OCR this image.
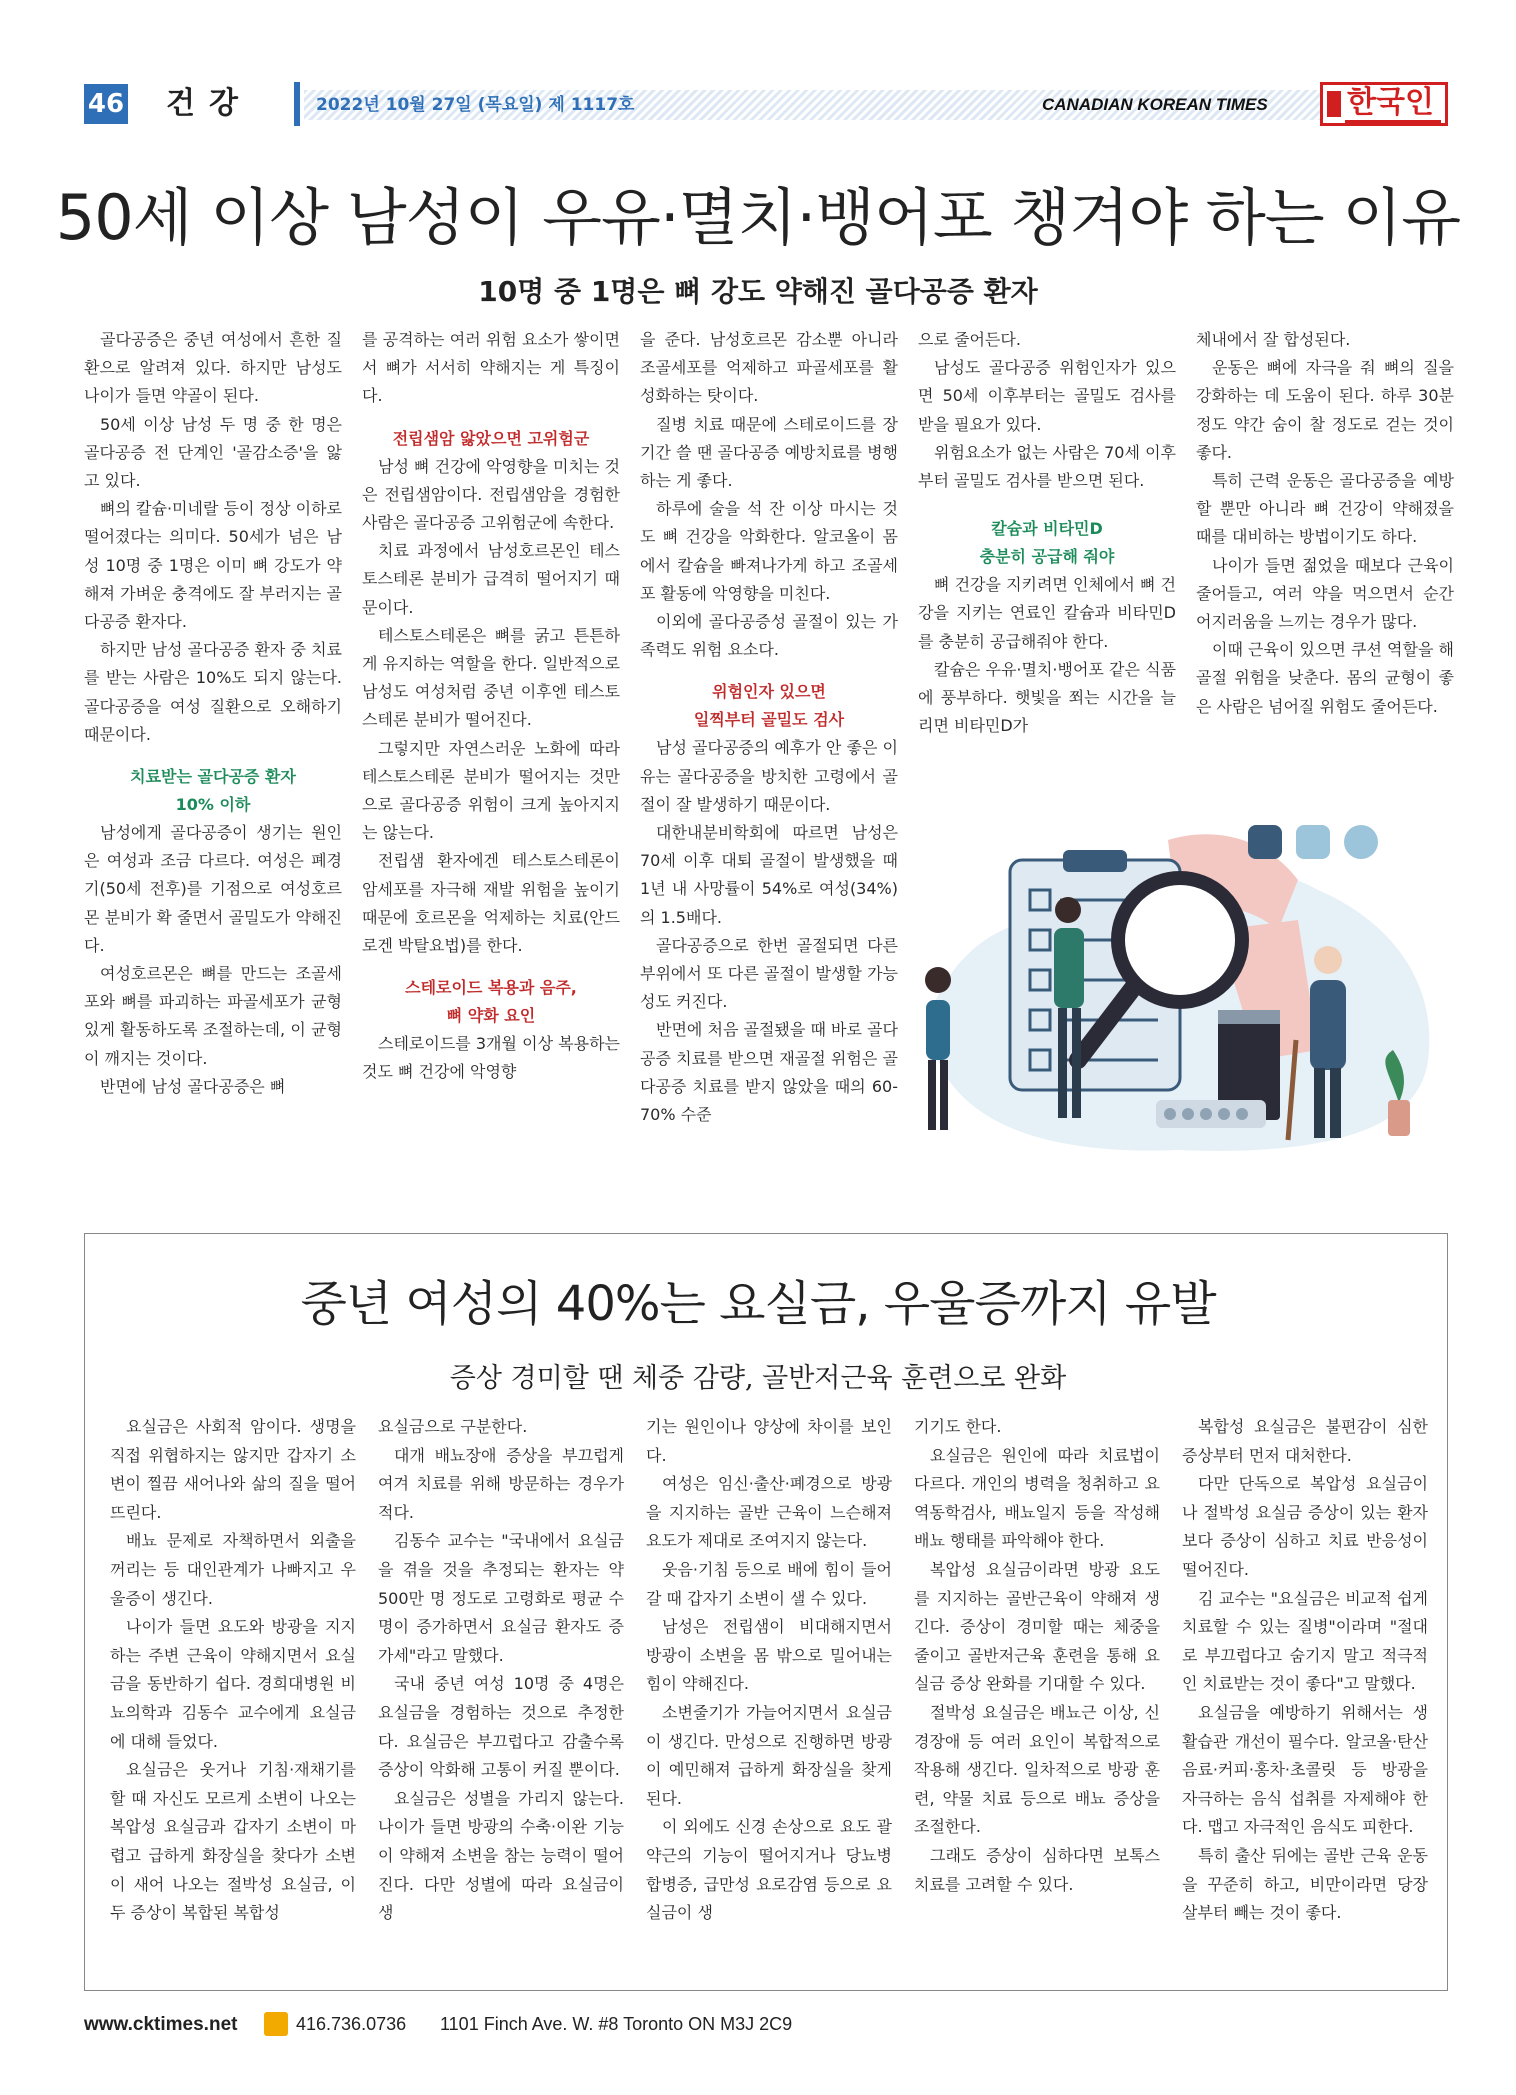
46 건강	2022년 10월 27일 (목요일) 제 1117호	CANADIAN KOREAN TIMES	한국인
50세 이상 남성이 우유·멸치·뱅어포 챙겨야 하는 이유
10명 중 1명은 뼈 강도 약해진 골다공증 환자

골다공증은 중년 여성에서 흔한 질환으로 알려져 있다. 하지만 남성도 나이가 들면 약골이 된다.

50세 이상 남성 두 명 중 한 명은 골다공증 전 단계인 '골감소증'을 앓고 있다.

뼈의 칼슘·미네랄 등이 정상 이하로 떨어졌다는 의미다. 50세가 넘은 남성 10명 중 1명은 이미 뼈 강도가 약해져 가벼운 충격에도 잘 부러지는 골다공증 환자다.

하지만 남성 골다공증 환자 중 치료를 받는 사람은 10%도 되지 않는다. 골다공증을 여성 질환으로 오해하기 때문이다.

치료받는 골다공증 환자
10% 이하

남성에게 골다공증이 생기는 원인은 여성과 조금 다르다. 여성은 폐경기(50세 전후)를 기점으로 여성호르몬 분비가 확 줄면서 골밀도가 약해진다.

여성호르몬은 뼈를 만드는 조골세포와 뼈를 파괴하는 파골세포가 균형 있게 활동하도록 조절하는데, 이 균형이 깨지는 것이다.

반면에 남성 골다공증은 뼈

를 공격하는 여러 위험 요소가 쌓이면서 뼈가 서서히 약해지는 게 특징이다.

전립샘암 앓았으면 고위험군

남성 뼈 건강에 악영향을 미치는 것은 전립샘암이다. 전립샘암을 경험한 사람은 골다공증 고위험군에 속한다.

치료 과정에서 남성호르몬인 테스토스테론 분비가 급격히 떨어지기 때문이다.

테스토스테론은 뼈를 굵고 튼튼하게 유지하는 역할을 한다. 일반적으로 남성도 여성처럼 중년 이후엔 테스토스테론 분비가 떨어진다.

그렇지만 자연스러운 노화에 따라 테스토스테론 분비가 떨어지는 것만으로 골다공증 위험이 크게 높아지지는 않는다.

전립샘 환자에겐 테스토스테론이 암세포를 자극해 재발 위험을 높이기 때문에 호르몬을 억제하는 치료(안드로겐 박탈요법)를 한다.

스테로이드 복용과 음주,
뼈 약화 요인

스테로이드를 3개월 이상 복용하는 것도 뼈 건강에 악영향

을 준다. 남성호르몬 감소뿐 아니라 조골세포를 억제하고 파골세포를 활성화하는 탓이다.

질병 치료 때문에 스테로이드를 장기간 쓸 땐 골다공증 예방치료를 병행하는 게 좋다.

하루에 술을 석 잔 이상 마시는 것도 뼈 건강을 악화한다. 알코올이 몸에서 칼슘을 빠져나가게 하고 조골세포 활동에 악영향을 미친다.

이외에 골다공증성 골절이 있는 가족력도 위험 요소다.

위험인자 있으면
일찍부터 골밀도 검사

남성 골다공증의 예후가 안 좋은 이유는 골다공증을 방치한 고령에서 골절이 잘 발생하기 때문이다.

대한내분비학회에 따르면 남성은 70세 이후 대퇴 골절이 발생했을 때 1년 내 사망률이 54%로 여성(34%)의 1.5배다.

골다공증으로 한번 골절되면 다른 부위에서 또 다른 골절이 발생할 가능성도 커진다.

반면에 처음 골절됐을 때 바로 골다공증 치료를 받으면 재골절 위험은 골다공증 치료를 받지 않았을 때의 60-70% 수준

으로 줄어든다.

남성도 골다공증 위험인자가 있으면 50세 이후부터는 골밀도 검사를 받을 필요가 있다.

위험요소가 없는 사람은 70세 이후부터 골밀도 검사를 받으면 된다.

칼슘과 비타민D
충분히 공급해 줘야

뼈 건강을 지키려면 인체에서 뼈 건강을 지키는 연료인 칼슘과 비타민D를 충분히 공급해줘야 한다.

칼슘은 우유·멸치·뱅어포 같은 식품에 풍부하다. 햇빛을 쬐는 시간을 늘리면 비타민D가

체내에서 잘 합성된다.

운동은 뼈에 자극을 줘 뼈의 질을 강화하는 데 도움이 된다. 하루 30분 정도 약간 숨이 찰 정도로 걷는 것이 좋다.

특히 근력 운동은 골다공증을 예방할 뿐만 아니라 뼈 건강이 약해졌을 때를 대비하는 방법이기도 하다.

나이가 들면 젊었을 때보다 근육이 줄어들고, 여러 약을 먹으면서 순간 어지러움을 느끼는 경우가 많다.

이때 근육이 있으면 쿠션 역할을 해 골절 위험을 낮춘다. 몸의 균형이 좋은 사람은 넘어질 위험도 줄어든다.

중년 여성의 40%는 요실금, 우울증까지 유발
증상 경미할 땐 체중 감량, 골반저근육 훈련으로 완화

요실금은 사회적 암이다. 생명을 직접 위협하지는 않지만 갑자기 소변이 찔끔 새어나와 삶의 질을 떨어뜨린다.

배뇨 문제로 자책하면서 외출을 꺼리는 등 대인관계가 나빠지고 우울증이 생긴다.

나이가 들면 요도와 방광을 지지하는 주변 근육이 약해지면서 요실금을 동반하기 쉽다. 경희대병원 비뇨의학과 김동수 교수에게 요실금에 대해 들었다.

요실금은 웃거나 기침·재채기를 할 때 자신도 모르게 소변이 나오는 복압성 요실금과 갑자기 소변이 마렵고 급하게 화장실을 찾다가 소변이 새어 나오는 절박성 요실금, 이 두 증상이 복합된 복합성

요실금으로 구분한다.

대개 배뇨장애 증상을 부끄럽게 여겨 치료를 위해 방문하는 경우가 적다.

김동수 교수는 "국내에서 요실금을 겪을 것을 추정되는 환자는 약 500만 명 정도로 고령화로 평균 수명이 증가하면서 요실금 환자도 증가세"라고 말했다.

국내 중년 여성 10명 중 4명은 요실금을 경험하는 것으로 추정한다. 요실금은 부끄럽다고 감출수록 증상이 악화해 고통이 커질 뿐이다.

요실금은 성별을 가리지 않는다. 나이가 들면 방광의 수축·이완 기능이 약해져 소변을 참는 능력이 떨어진다. 다만 성별에 따라 요실금이 생

기는 원인이나 양상에 차이를 보인다.

여성은 임신·출산·폐경으로 방광을 지지하는 골반 근육이 느슨해져 요도가 제대로 조여지지 않는다.

웃음·기침 등으로 배에 힘이 들어갈 때 갑자기 소변이 샐 수 있다.

남성은 전립샘이 비대해지면서 방광이 소변을 몸 밖으로 밀어내는 힘이 약해진다.

소변줄기가 가늘어지면서 요실금이 생긴다. 만성으로 진행하면 방광이 예민해져 급하게 화장실을 찾게된다.

이 외에도 신경 손상으로 요도 괄약근의 기능이 떨어지거나 당뇨병 합병증, 급만성 요로감염 등으로 요실금이 생

기기도 한다.

요실금은 원인에 따라 치료법이 다르다. 개인의 병력을 청취하고 요역동학검사, 배뇨일지 등을 작성해 배뇨 행태를 파악해야 한다.

복압성 요실금이라면 방광 요도를 지지하는 골반근육이 약해져 생긴다. 증상이 경미할 때는 체중을 줄이고 골반저근육 훈련을 통해 요실금 증상 완화를 기대할 수 있다.

절박성 요실금은 배뇨근 이상, 신경장애 등 여러 요인이 복합적으로 작용해 생긴다. 일차적으로 방광 훈련, 약물 치료 등으로 배뇨 증상을 조절한다.

그래도 증상이 심하다면 보톡스 치료를 고려할 수 있다.

복합성 요실금은 불편감이 심한 증상부터 먼저 대처한다.

다만 단독으로 복압성 요실금이나 절박성 요실금 증상이 있는 환자보다 증상이 심하고 치료 반응성이 떨어진다.

김 교수는 "요실금은 비교적 쉽게 치료할 수 있는 질병"이라며 "절대로 부끄럽다고 숨기지 말고 적극적인 치료받는 것이 좋다"고 말했다.

요실금을 예방하기 위해서는 생활습관 개선이 필수다. 알코올·탄산음료·커피·홍차·초콜릿 등 방광을 자극하는 음식 섭취를 자제해야 한다. 맵고 자극적인 음식도 피한다.

특히 출산 뒤에는 골반 근육 운동을 꾸준히 하고, 비만이라면 당장 살부터 빼는 것이 좋다.

www.cktimes.net	416.736.0736 1101 Finch Ave. W. #8 Toronto ON M3J 2C9
